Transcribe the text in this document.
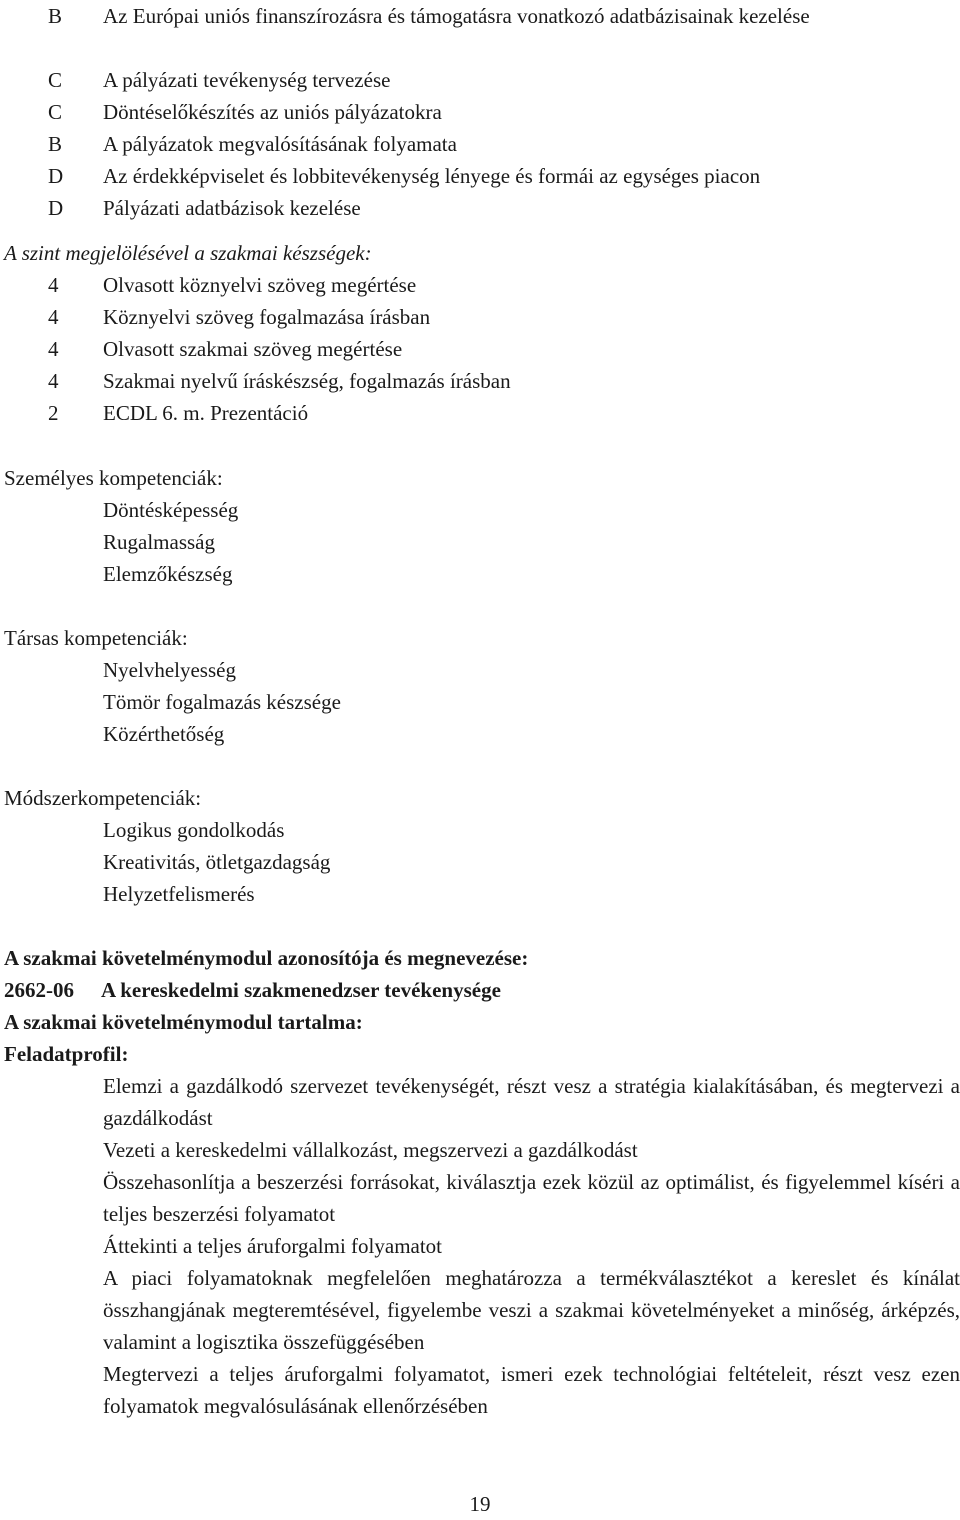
B	Az Európai uniós finanszírozásra és támogatásra vonatkozó adatbázisainak kezelése
C	A pályázati tevékenység tervezése
C	Döntéselőkészítés az uniós pályázatokra
B	A pályázatok megvalósításának folyamata
D	Az érdekképviselet és lobbitevékenység lényege és formái az egységes piacon
D	Pályázati adatbázisok kezelése
A szint megjelölésével a szakmai készségek:
4	Olvasott köznyelvi szöveg megértése
4	Köznyelvi szöveg fogalmazása írásban
4	Olvasott szakmai szöveg megértése
4	Szakmai nyelvű íráskészség, fogalmazás írásban
2	ECDL 6. m. Prezentáció
Személyes kompetenciák:
Döntésképesség
Rugalmasság
Elemzőkészség
Társas kompetenciák:
Nyelvhelyesség
Tömör fogalmazás készsége
Közérthetőség
Módszerkompetenciák:
Logikus gondolkodás
Kreativitás, ötletgazdagság
Helyzetfelismerés
A szakmai követelménymodul azonosítója és megnevezése:
2662-06 A kereskedelmi szakmenedzser tevékenysége
A szakmai követelménymodul tartalma:
Feladatprofil:

Elemzi a gazdálkodó szervezet tevékenységét, részt vesz a stratégia kialakításában, és megtervezi a gazdálkodást

Vezeti a kereskedelmi vállalkozást, megszervezi a gazdálkodást

Összehasonlítja a beszerzési forrásokat, kiválasztja ezek közül az optimálist, és figyelemmel kíséri a teljes beszerzési folyamatot

Áttekinti a teljes áruforgalmi folyamatot

A piaci folyamatoknak megfelelően meghatározza a termékválasztékot a kereslet és kínálat összhangjának megteremtésével, figyelembe veszi a szakmai követelményeket a minőség, árképzés, valamint a logisztika összefüggésében

Megtervezi a teljes áruforgalmi folyamatot, ismeri ezek technológiai feltételeit, részt vesz ezen folyamatok megvalósulásának ellenőrzésében

19
